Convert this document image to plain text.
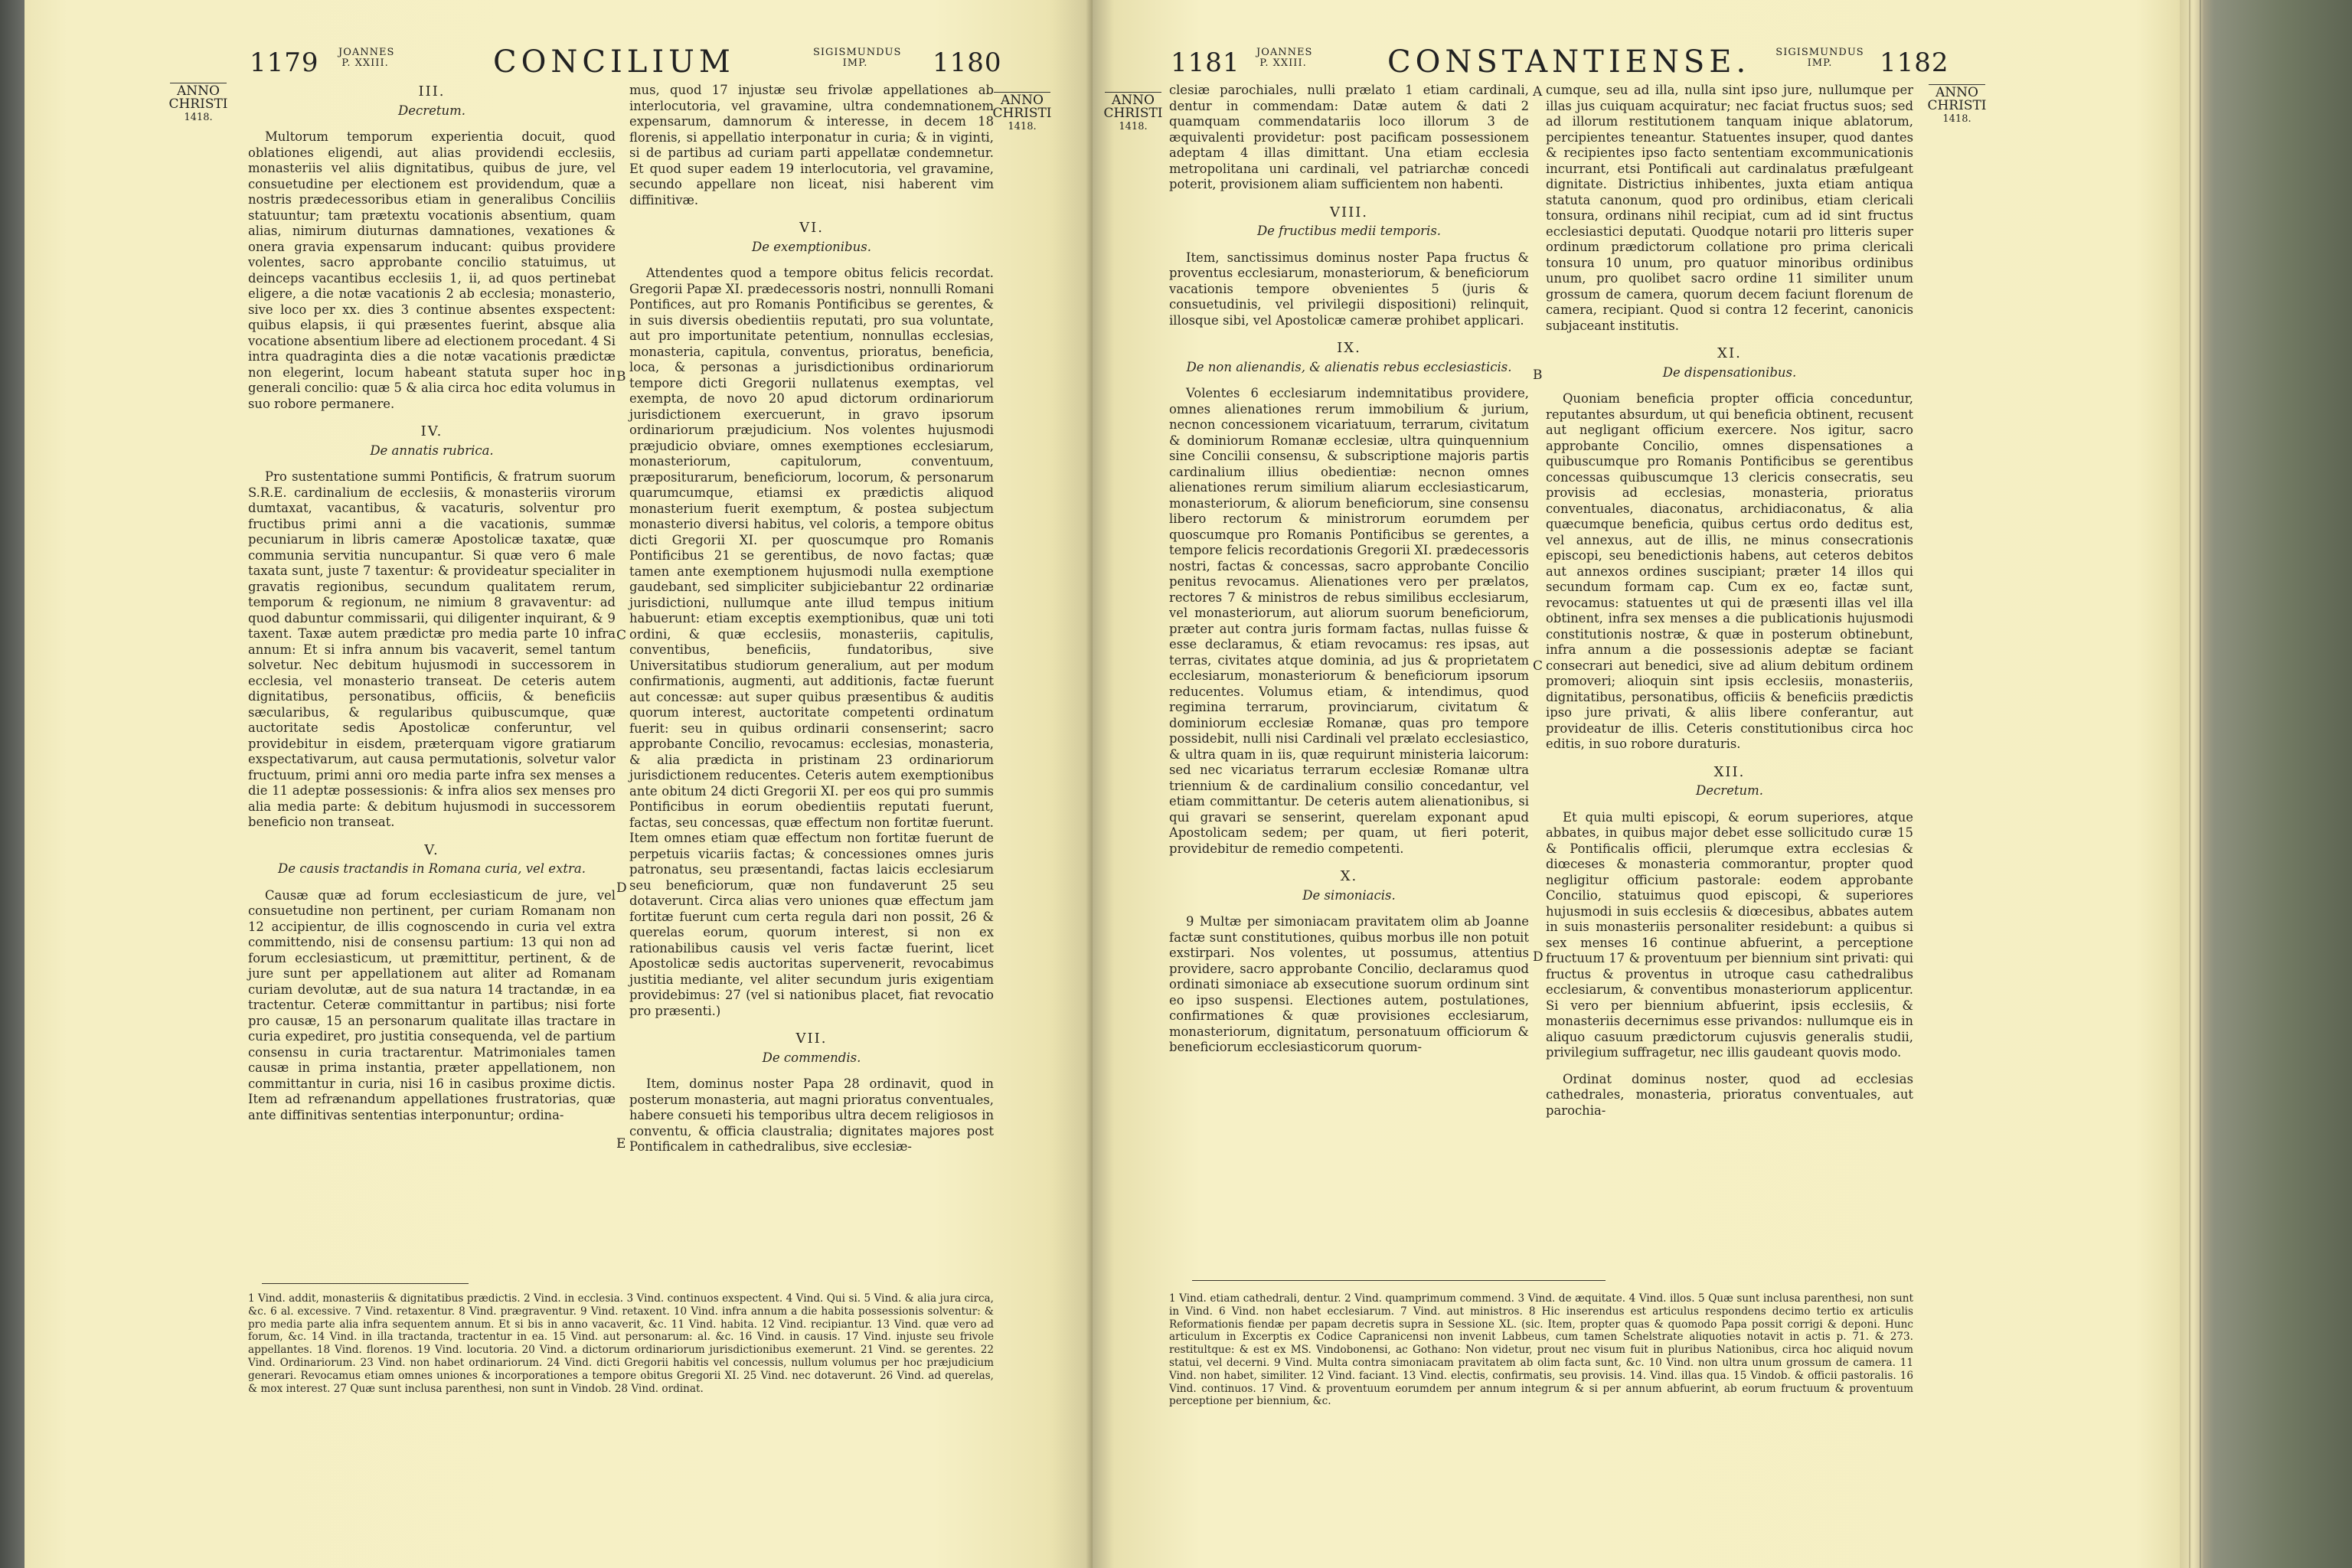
1179 JOANNES
P. XXIII.	CONCILIUM	SIGISMUNDUS
IMP.	1180
ANNO
CHRISTI
1418.
ANNO
CHRISTI
1418.
III.
Decretum.

Multorum temporum experientia docuit, quod oblationes eligendi, aut alias providendi ecclesiis, monasteriis vel aliis dignitatibus, quibus de jure, vel consuetudine per electionem est providendum, quæ a nostris prædecessoribus etiam in generalibus Conciliis statuuntur; tam prætextu vocationis absentium, quam alias, nimirum diuturnas damnationes, vexationes & onera gravia expensarum inducant: quibus providere volentes, sacro approbante concilio statuimus, ut deinceps vacantibus ecclesiis 1, ii, ad quos pertinebat eligere, a die notæ vacationis 2 ab ecclesia; monasterio, sive loco per xx. dies 3 continue absentes exspectent: quibus elapsis, ii qui præsentes fuerint, absque alia vocatione absentium libere ad electionem procedant. 4 Si intra quadraginta dies a die notæ vacationis prædictæ non elegerint, locum habeant statuta super hoc in generali concilio: quæ 5 & alia circa hoc edita volumus in suo robore permanere.

IV.
De annatis rubrica.

Pro sustentatione summi Pontificis, & fratrum suorum S.R.E. cardinalium de ecclesiis, & monasteriis virorum dumtaxat, vacantibus, & vacaturis, solventur pro fructibus primi anni a die vacationis, summæ pecuniarum in libris cameræ Apostolicæ taxatæ, quæ communia servitia nuncupantur. Si quæ vero 6 male taxata sunt, juste 7 taxentur: & provideatur specialiter in gravatis regionibus, secundum qualitatem rerum, temporum & regionum, ne nimium 8 gravaventur: ad quod dabuntur commissarii, qui diligenter inquirant, & 9 taxent. Taxæ autem prædictæ pro media parte 10 infra annum: Et si infra annum bis vacaverit, semel tantum solvetur. Nec debitum hujusmodi in successorem in ecclesia, vel monasterio transeat. De ceteris autem dignitatibus, personatibus, officiis, & beneficiis sæcularibus, & regularibus quibuscumque, quæ auctoritate sedis Apostolicæ conferuntur, vel providebitur in eisdem, præterquam vigore gratiarum exspectativarum, aut causa permutationis, solvetur valor fructuum, primi anni oro media parte infra sex menses a die 11 adeptæ possessionis: & infra alios sex menses pro alia media parte: & debitum hujusmodi in successorem beneficio non transeat.

V.
De causis tractandis in Romana curia, vel extra.

Causæ quæ ad forum ecclesiasticum de jure, vel consuetudine non pertinent, per curiam Romanam non 12 accipientur, de illis cognoscendo in curia vel extra committendo, nisi de consensu partium: 13 qui non ad forum ecclesiasticum, ut præmittitur, pertinent, & de jure sunt per appellationem aut aliter ad Romanam curiam devolutæ, aut de sua natura 14 tractandæ, in ea tractentur. Ceteræ committantur in partibus; nisi forte pro causæ, 15 an personarum qualitate illas tractare in curia expediret, pro justitia consequenda, vel de partium consensu in curia tractarentur. Matrimoniales tamen causæ in prima instantia, præter appellationem, non committantur in curia, nisi 16 in casibus proxime dictis. Item ad refrænandum appellationes frustratorias, quæ ante diffinitivas sententias interponuntur; ordina-

mus, quod 17 injustæ seu frivolæ appellationes ab interlocutoria, vel gravamine, ultra condemnationem expensarum, damnorum & interesse, in decem 18 florenis, si appellatio interponatur in curia; & in viginti, si de partibus ad curiam parti appellatæ condemnetur. Et quod super eadem 19 interlocutoria, vel gravamine, secundo appellare non liceat, nisi haberent vim diffinitivæ.

VI.
De exemptionibus.

Attendentes quod a tempore obitus felicis recordat. Gregorii Papæ XI. prædecessoris nostri, nonnulli Romani Pontifices, aut pro Romanis Pontificibus se gerentes, & in suis diversis obedientiis reputati, pro sua voluntate, aut pro importunitate petentium, nonnullas ecclesias, monasteria, capitula, conventus, prioratus, beneficia, loca, & personas a jurisdictionibus ordinariorum tempore dicti Gregorii nullatenus exemptas, vel exempta, de novo 20 apud dictorum ordinariorum jurisdictionem exercuerunt, in gravo ipsorum ordinariorum præjudicium. Nos volentes hujusmodi præjudicio obviare, omnes exemptiones ecclesiarum, monasteriorum, capitulorum, conventuum, præpositurarum, beneficiorum, locorum, & personarum quarumcumque, etiamsi ex prædictis aliquod monasterium fuerit exemptum, & postea subjectum monasterio diversi habitus, vel coloris, a tempore obitus dicti Gregorii XI. per quoscumque pro Romanis Pontificibus 21 se gerentibus, de novo factas; quæ tamen ante exemptionem hujusmodi nulla exemptione gaudebant, sed simpliciter subjiciebantur 22 ordinariæ jurisdictioni, nullumque ante illud tempus initium habuerunt: etiam exceptis exemptionibus, quæ uni toti ordini, & quæ ecclesiis, monasteriis, capitulis, conventibus, beneficiis, fundatoribus, sive Universitatibus studiorum generalium, aut per modum confirmationis, augmenti, aut additionis, factæ fuerunt aut concessæ: aut super quibus præsentibus & auditis quorum interest, auctoritate competenti ordinatum fuerit: seu in quibus ordinarii consenserint; sacro approbante Concilio, revocamus: ecclesias, monasteria, & alia prædicta in pristinam 23 ordinariorum jurisdictionem reducentes. Ceteris autem exemptionibus ante obitum 24 dicti Gregorii XI. per eos qui pro summis Pontificibus in eorum obedientiis reputati fuerunt, factas, seu concessas, quæ effectum non fortitæ fuerunt. Item omnes etiam quæ effectum non fortitæ fuerunt de perpetuis vicariis factas; & concessiones omnes juris patronatus, seu præsentandi, factas laicis ecclesiarum seu beneficiorum, quæ non fundaverunt 25 seu dotaverunt. Circa alias vero uniones quæ effectum jam fortitæ fuerunt cum certa regula dari non possit, 26 & querelas eorum, quorum interest, si non ex rationabilibus causis vel veris factæ fuerint, licet Apostolicæ sedis auctoritas supervenerit, revocabimus justitia mediante, vel aliter secundum juris exigentiam providebimus: 27 (vel si nationibus placet, fiat revocatio pro præsenti.)

VII.
De commendis.

Item, dominus noster Papa 28 ordinavit, quod in posterum monasteria, aut magni prioratus conventuales, habere consueti his temporibus ultra decem religiosos in conventu, & officia claustralia; dignitates majores post Pontificalem in cathedralibus, sive ecclesiæ-

B
C
D
E
1 Vind. addit, monasteriis & dignitatibus prædictis. 2 Vind. in ecclesia. 3 Vind. continuos exspectent. 4 Vind. Qui si. 5 Vind. & alia jura circa, &c. 6 al. excessive. 7 Vind. retaxentur. 8 Vind. prægraventur. 9 Vind. retaxent. 10 Vind. infra annum a die habita possessionis solventur: & pro media parte alia infra sequentem annum. Et si bis in anno vacaverit, &c. 11 Vind. habita. 12 Vind. recipiantur. 13 Vind. quæ vero ad forum, &c. 14 Vind. in illa tractanda, tractentur in ea. 15 Vind. aut personarum: al. &c. 16 Vind. in causis. 17 Vind. injuste seu frivole appellantes. 18 Vind. florenos. 19 Vind. locutoria. 20 Vind. a dictorum ordinariorum jurisdictionibus exemerunt. 21 Vind. se gerentes. 22 Vind. Ordinariorum. 23 Vind. non habet ordinariorum. 24 Vind. dicti Gregorii habitis vel concessis, nullum volumus per hoc præjudicium generari. Revocamus etiam omnes uniones & incorporationes a tempore obitus Gregorii XI. 25 Vind. nec dotaverunt. 26 Vind. ad querelas, & mox interest. 27 Quæ sunt inclusa parenthesi, non sunt in Vindob. 28 Vind. ordinat.
1181 JOANNES
P. XXIII.	CONSTANTIENSE.	SIGISMUNDUS
IMP.	1182
ANNO
CHRISTI
1418.
ANNO
CHRISTI
1418.

clesiæ parochiales, nulli prælato 1 etiam cardinali, dentur in commendam: Datæ autem & dati 2 quamquam commendatariis loco illorum 3 de æquivalenti providetur: post pacificam possessionem adeptam 4 illas dimittant. Una etiam ecclesia metropolitana uni cardinali, vel patriarchæ concedi poterit, provisionem aliam sufficientem non habenti.

VIII.
De fructibus medii temporis.

Item, sanctissimus dominus noster Papa fructus & proventus ecclesiarum, monasteriorum, & beneficiorum vacationis tempore obvenientes 5 (juris & consuetudinis, vel privilegii dispositioni) relinquit, illosque sibi, vel Apostolicæ cameræ prohibet applicari.

IX.
De non alienandis, & alienatis rebus ecclesiasticis.

Volentes 6 ecclesiarum indemnitatibus providere, omnes alienationes rerum immobilium & jurium, necnon concessionem vicariatuum, terrarum, civitatum & dominiorum Romanæ ecclesiæ, ultra quinquennium sine Concilii consensu, & subscriptione majoris partis cardinalium illius obedientiæ: necnon omnes alienationes rerum similium aliarum ecclesiasticarum, monasteriorum, & aliorum beneficiorum, sine consensu libero rectorum & ministrorum eorumdem per quoscumque pro Romanis Pontificibus se gerentes, a tempore felicis recordationis Gregorii XI. prædecessoris nostri, factas & concessas, sacro approbante Concilio penitus revocamus. Alienationes vero per prælatos, rectores 7 & ministros de rebus similibus ecclesiarum, vel monasteriorum, aut aliorum suorum beneficiorum, præter aut contra juris formam factas, nullas fuisse & esse declaramus, & etiam revocamus: res ipsas, aut terras, civitates atque dominia, ad jus & proprietatem ecclesiarum, monasteriorum & beneficiorum ipsorum reducentes. Volumus etiam, & intendimus, quod regimina terrarum, provinciarum, civitatum & dominiorum ecclesiæ Romanæ, quas pro tempore possidebit, nulli nisi Cardinali vel prælato ecclesiastico, & ultra quam in iis, quæ requirunt ministeria laicorum: sed nec vicariatus terrarum ecclesiæ Romanæ ultra triennium & de cardinalium consilio concedantur, vel etiam committantur. De ceteris autem alienationibus, si qui gravari se senserint, querelam exponant apud Apostolicam sedem; per quam, ut fieri poterit, providebitur de remedio competenti.

X.
De simoniacis.

9 Multæ per simoniacam pravitatem olim ab Joanne factæ sunt constitutiones, quibus morbus ille non potuit exstirpari. Nos volentes, ut possumus, attentius providere, sacro approbante Concilio, declaramus quod ordinati simoniace ab exsecutione suorum ordinum sint eo ipso suspensi. Electiones autem, postulationes, confirmationes & quæ provisiones ecclesiarum, monasteriorum, dignitatum, personatuum officiorum & beneficiorum ecclesiasticorum quorum-

cumque, seu ad illa, nulla sint ipso jure, nullumque per illas jus cuiquam acquiratur; nec faciat fructus suos; sed ad illorum restitutionem tanquam inique ablatorum, percipientes teneantur. Statuentes insuper, quod dantes & recipientes ipso facto sententiam excommunicationis incurrant, etsi Pontificali aut cardinalatus præfulgeant dignitate. Districtius inhibentes, juxta etiam antiqua statuta canonum, quod pro ordinibus, etiam clericali tonsura, ordinans nihil recipiat, cum ad id sint fructus ecclesiastici deputati. Quodque notarii pro litteris super ordinum prædictorum collatione pro prima clericali tonsura 10 unum, pro quatuor minoribus ordinibus unum, pro quolibet sacro ordine 11 similiter unum grossum de camera, quorum decem faciunt florenum de camera, recipiant. Quod si contra 12 fecerint, canonicis subjaceant institutis.

XI.
De dispensationibus.

Quoniam beneficia propter officia conceduntur, reputantes absurdum, ut qui beneficia obtinent, recusent aut negligant officium exercere. Nos igitur, sacro approbante Concilio, omnes dispensationes a quibuscumque pro Romanis Pontificibus se gerentibus concessas quibuscumque 13 clericis consecratis, seu provisis ad ecclesias, monasteria, prioratus conventuales, diaconatus, archidiaconatus, & alia quæcumque beneficia, quibus certus ordo deditus est, vel annexus, aut de illis, ne minus consecrationis episcopi, seu benedictionis habens, aut ceteros debitos aut annexos ordines suscipiant; præter 14 illos qui secundum formam cap. Cum ex eo, factæ sunt, revocamus: statuentes ut qui de præsenti illas vel illa obtinent, infra sex menses a die publicationis hujusmodi constitutionis nostræ, & quæ in posterum obtinebunt, infra annum a die possessionis adeptæ se faciant consecrari aut benedici, sive ad alium debitum ordinem promoveri; alioquin sint ipsis ecclesiis, monasteriis, dignitatibus, personatibus, officiis & beneficiis prædictis ipso jure privati, & aliis libere conferantur, aut provideatur de illis. Ceteris constitutionibus circa hoc editis, in suo robore duraturis.

XII.
Decretum.

Et quia multi episcopi, & eorum superiores, atque abbates, in quibus major debet esse sollicitudo curæ 15 & Pontificalis officii, plerumque extra ecclesias & diœceses & monasteria commorantur, propter quod negligitur officium pastorale: eodem approbante Concilio, statuimus quod episcopi, & superiores hujusmodi in suis ecclesiis & diœcesibus, abbates autem in suis monasteriis personaliter residebunt: a quibus si sex menses 16 continue abfuerint, a perceptione fructuum 17 & proventuum per biennium sint privati: qui fructus & proventus in utroque casu cathedralibus ecclesiarum, & conventibus monasteriorum applicentur. Si vero per biennium abfuerint, ipsis ecclesiis, & monasteriis decernimus esse privandos: nullumque eis in aliquo casuum prædictorum cujusvis generalis studii, privilegium suffragetur, nec illis gaudeant quovis modo.

Ordinat dominus noster, quod ad ecclesias cathedrales, monasteria, prioratus conventuales, aut parochia-

A
B
C
D
1 Vind. etiam cathedrali, dentur. 2 Vind. quamprimum commend. 3 Vind. de æquitate. 4 Vind. illos. 5 Quæ sunt inclusa parenthesi, non sunt in Vind. 6 Vind. non habet ecclesiarum. 7 Vind. aut ministros. 8 Hic inserendus est articulus respondens decimo tertio ex articulis Reformationis fiendæ per papam decretis supra in Sessione XL. (sic. Item, propter quas & quomodo Papa possit corrigi & deponi. Hunc articulum in Excerptis ex Codice Capranicensi non invenit Labbeus, cum tamen Schelstrate aliquoties notavit in actis p. 71. & 273. restitultque: & est ex MS. Vindobonensi, ac Gothano: Non videtur, prout nec visum fuit in pluribus Nationibus, circa hoc aliquid novum statui, vel decerni. 9 Vind. Multa contra simoniacam pravitatem ab olim facta sunt, &c. 10 Vind. non ultra unum grossum de camera. 11 Vind. non habet, similiter. 12 Vind. faciant. 13 Vind. electis, confirmatis, seu provisis. 14. Vind. illas qua. 15 Vindob. & officii pastoralis. 16 Vind. continuos. 17 Vind. & proventuum eorumdem per annum integrum & si per annum abfuerint, ab eorum fructuum & proventuum perceptione per biennium, &c.
